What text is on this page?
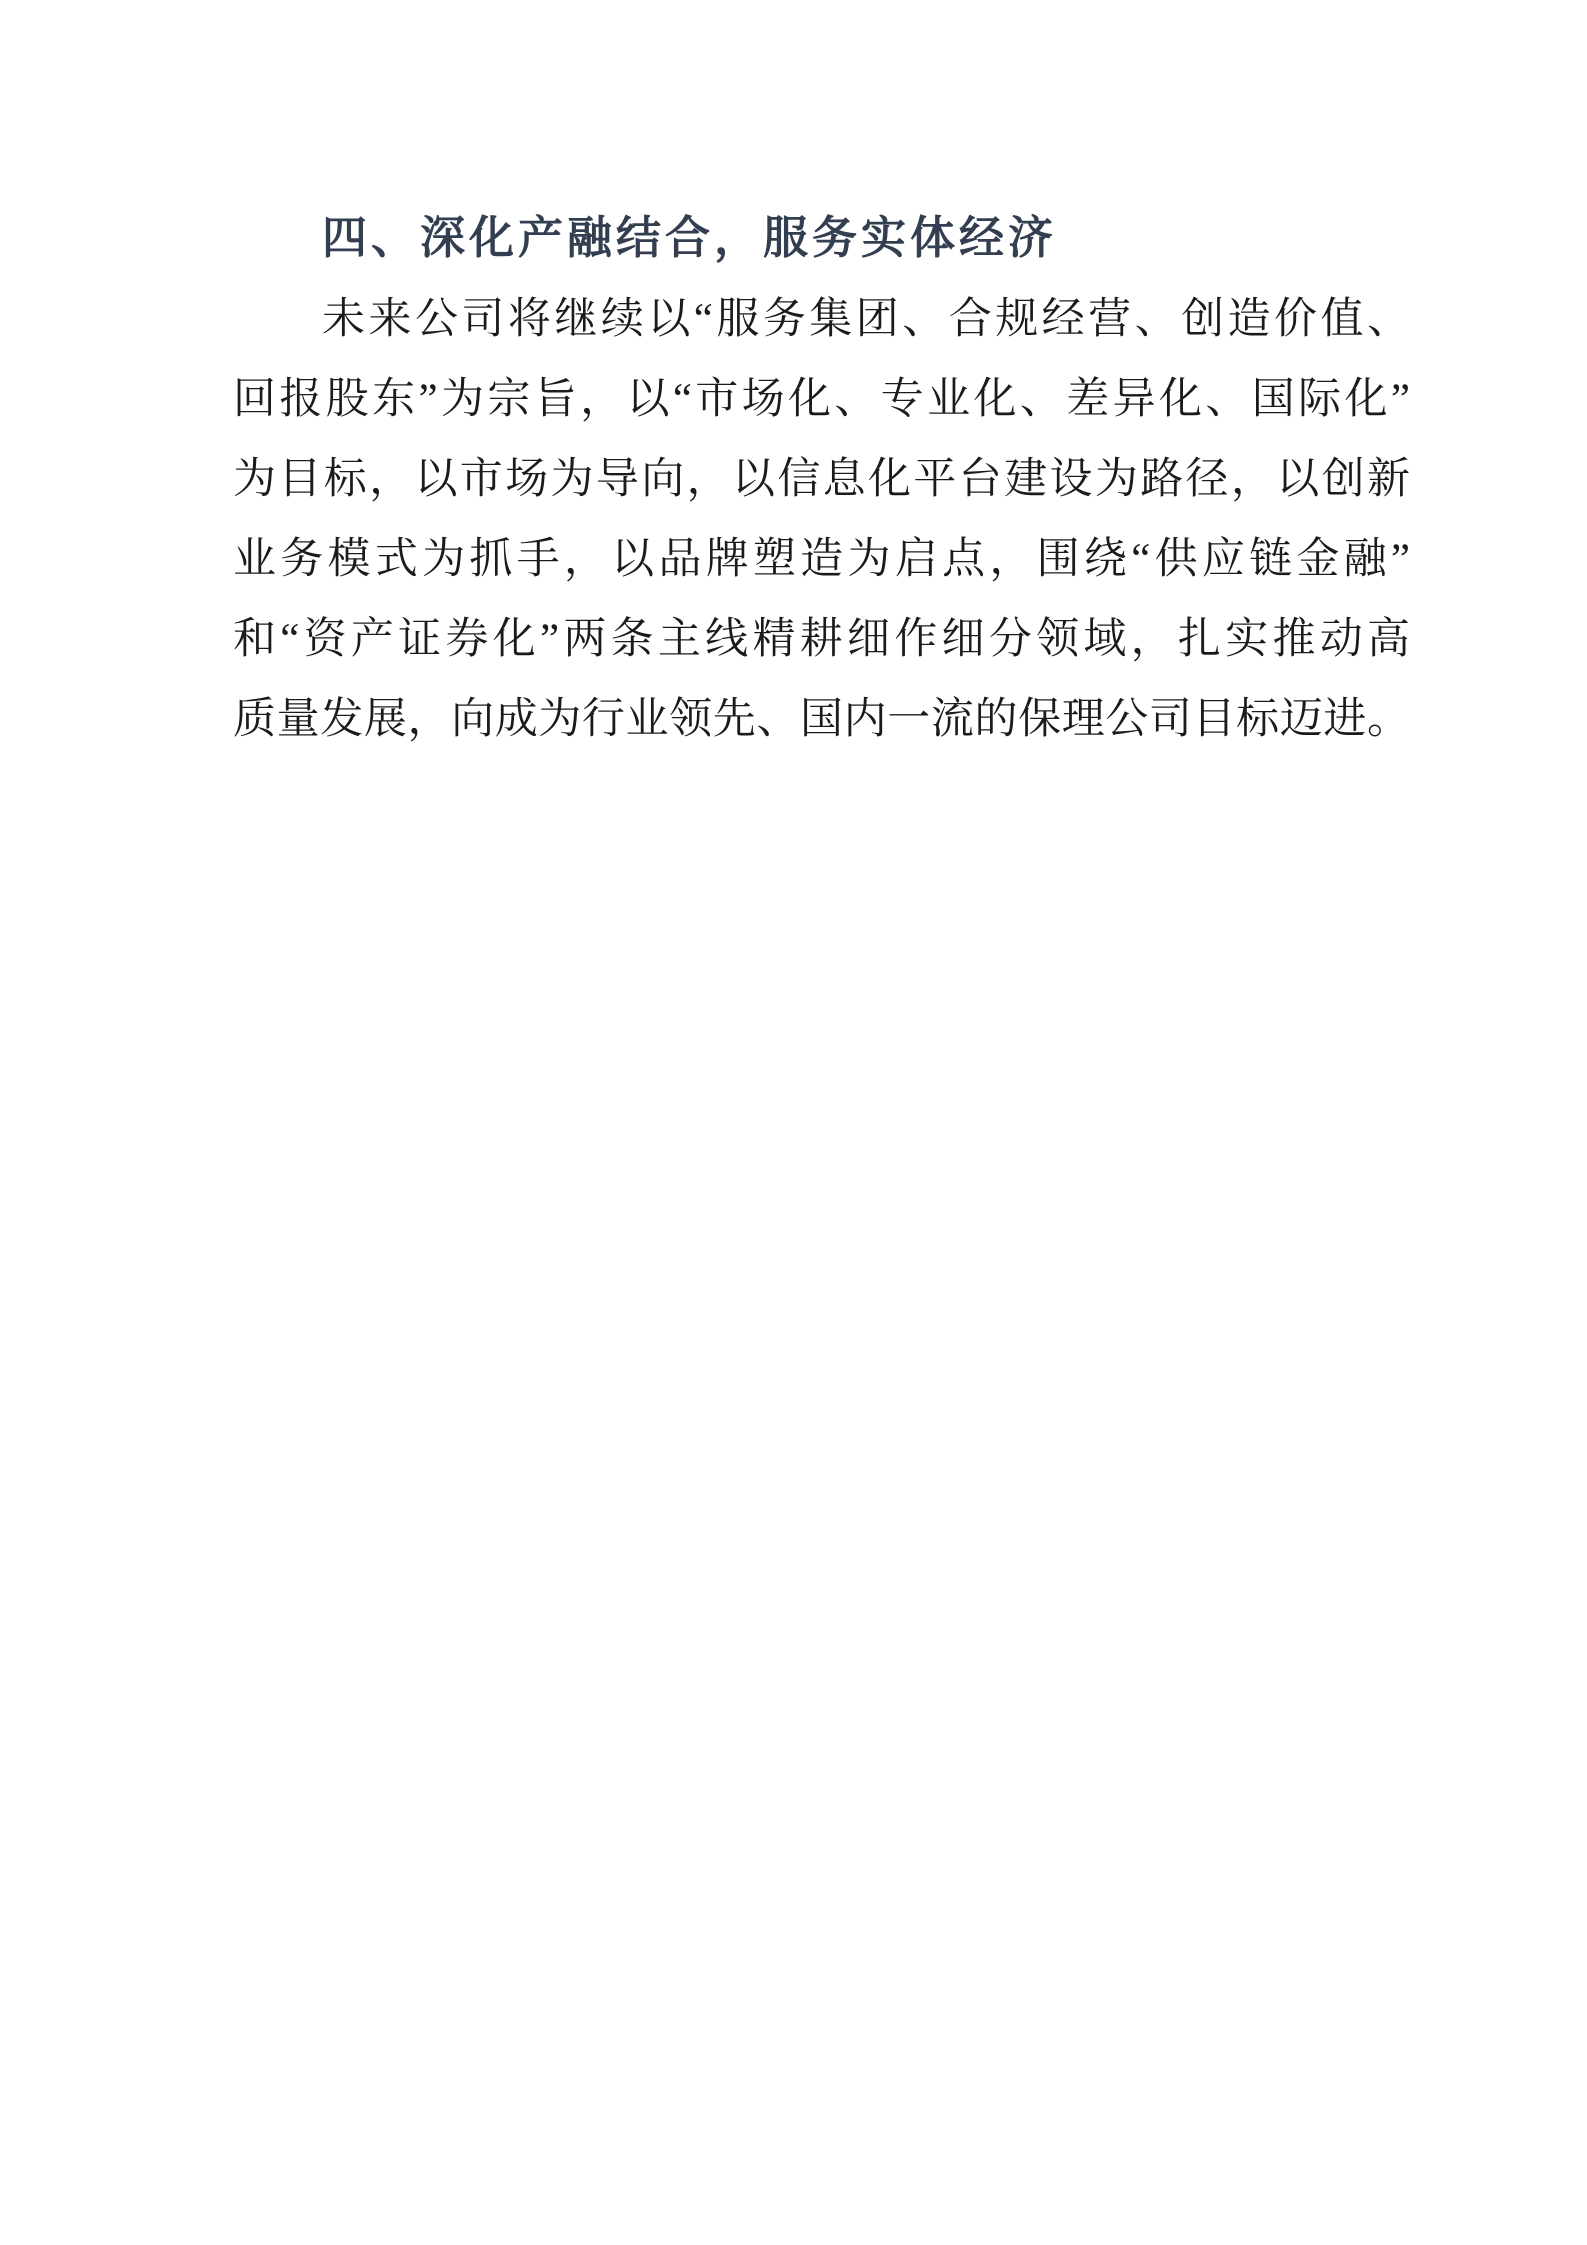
四、深化产融结合，服务实体经济
未来公司将继续以“服务集团、合规经营、创造价值、
回报股东”为宗旨，以“市场化、专业化、差异化、国际化”
为目标，以市场为导向，以信息化平台建设为路径，以创新
业务模式为抓手，以品牌塑造为启点，围绕“供应链金融”
和“资产证券化”两条主线精耕细作细分领域，扎实推动高
质量发展，向成为行业领先、国内一流的保理公司目标迈进。
